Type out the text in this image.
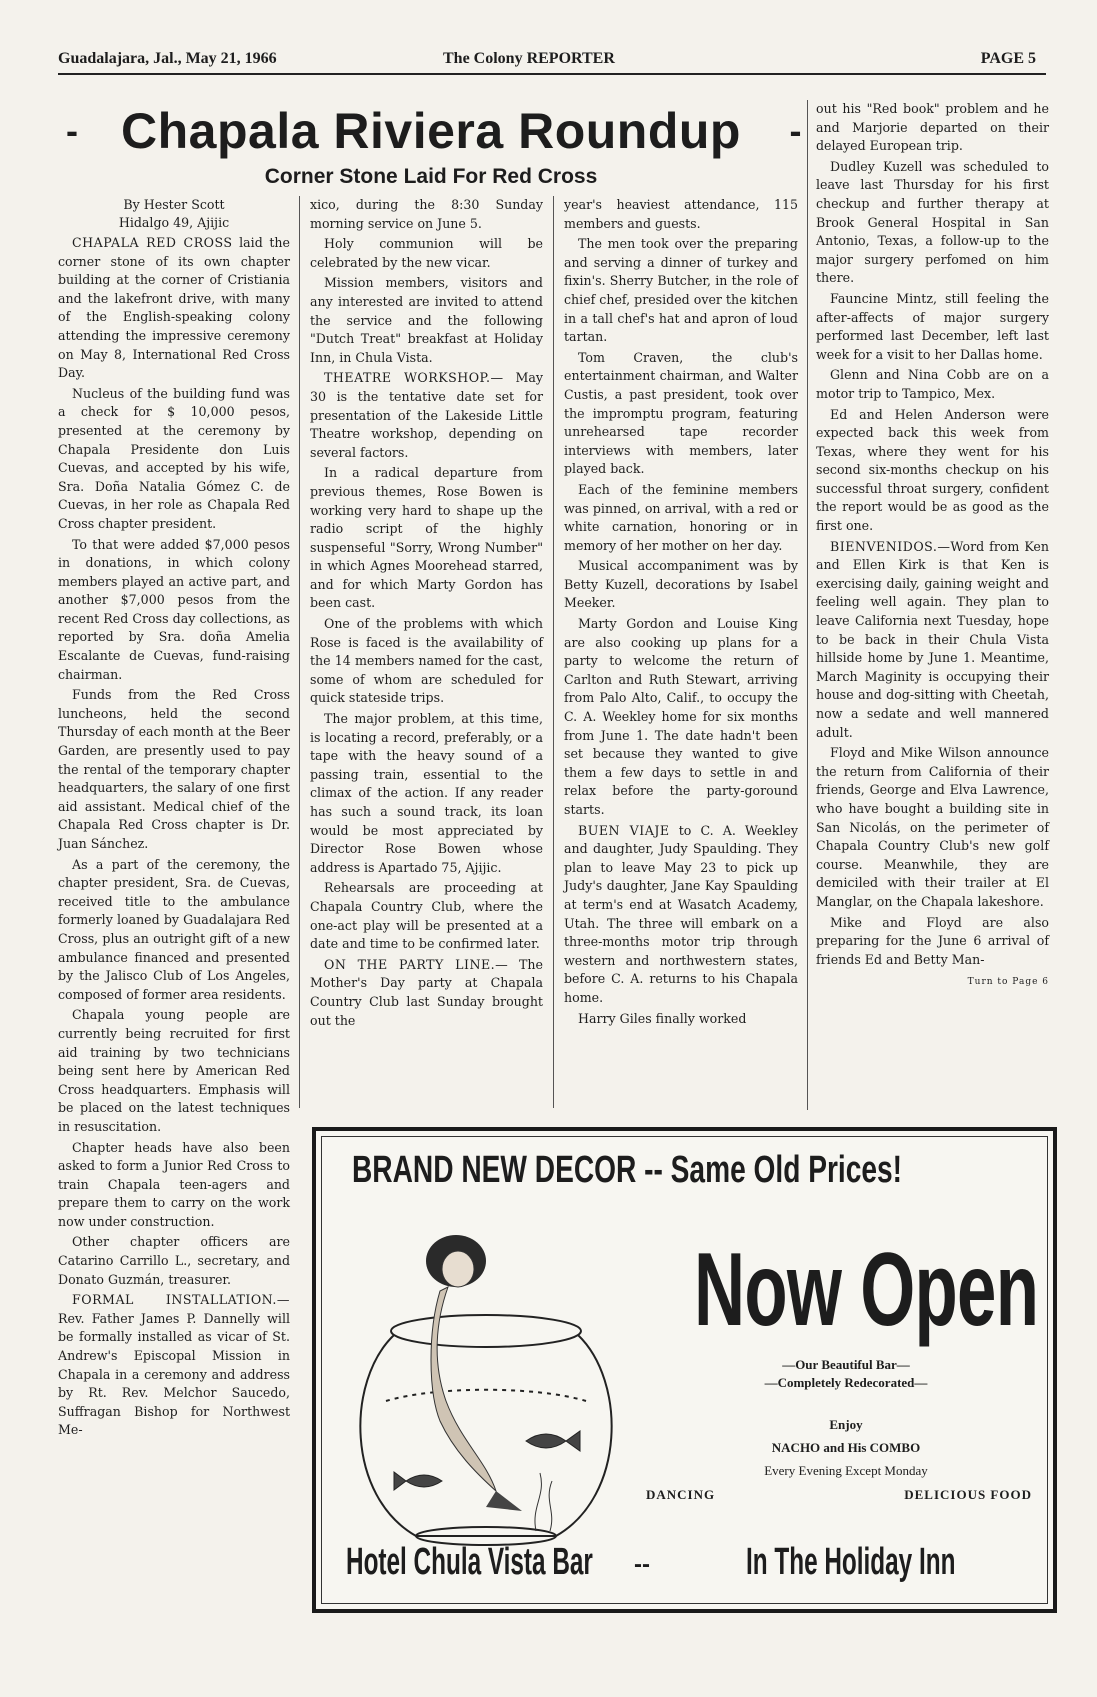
Guadalajara, Jal., May 21, 1966	The Colony REPORTER	PAGE 5
- Chapala Riviera Roundup -
Corner Stone Laid For Red Cross

By Hester Scott
Hidalgo 49, Ajijic

CHAPALA RED CROSS laid the corner stone of its own chapter building at the corner of Cristiania and the lakefront drive, with many of the English-speaking colony attending the impressive ceremony on May 8, International Red Cross Day.

Nucleus of the building fund was a check for $ 10,000 pesos, presented at the ceremony by Chapala Presidente don Luis Cuevas, and accepted by his wife, Sra. Doña Natalia Gómez C. de Cuevas, in her role as Chapala Red Cross chapter president.

To that were added $7,000 pesos in donations, in which colony members played an active part, and another $7,000 pesos from the recent Red Cross day collections, as reported by Sra. doña Amelia Escalante de Cuevas, fund-raising chairman.

Funds from the Red Cross luncheons, held the second Thursday of each month at the Beer Garden, are presently used to pay the rental of the temporary chapter headquarters, the salary of one first aid assistant. Medical chief of the Chapala Red Cross chapter is Dr. Juan Sánchez.

As a part of the ceremony, the chapter president, Sra. de Cuevas, received title to the ambulance formerly loaned by Guadalajara Red Cross, plus an outright gift of a new ambulance financed and presented by the Jalisco Club of Los Angeles, composed of former area residents.

Chapala young people are currently being recruited for first aid training by two technicians being sent here by American Red Cross headquarters. Emphasis will be placed on the latest techniques in resuscitation.

Chapter heads have also been asked to form a Junior Red Cross to train Chapala teen-agers and prepare them to carry on the work now under construction.

Other chapter officers are Catarino Carrillo L., secretary, and Donato Guzmán, treasurer.

FORMAL INSTALLATION.— Rev. Father James P. Dannelly will be formally installed as vicar of St. Andrew's Episcopal Mission in Chapala in a ceremony and address by Rt. Rev. Melchor Saucedo, Suffragan Bishop for Northwest Me-

xico, during the 8:30 Sunday morning service on June 5.

Holy communion will be celebrated by the new vicar.

Mission members, visitors and any interested are invited to attend the service and the following "Dutch Treat" breakfast at Holiday Inn, in Chula Vista.

THEATRE WORKSHOP.— May 30 is the tentative date set for presentation of the Lakeside Little Theatre workshop, depending on several factors.

In a radical departure from previous themes, Rose Bowen is working very hard to shape up the radio script of the highly suspenseful "Sorry, Wrong Number" in which Agnes Moorehead starred, and for which Marty Gordon has been cast.

One of the problems with which Rose is faced is the availability of the 14 members named for the cast, some of whom are scheduled for quick stateside trips.

The major problem, at this time, is locating a record, preferably, or a tape with the heavy sound of a passing train, essential to the climax of the action. If any reader has such a sound track, its loan would be most appreciated by Director Rose Bowen whose address is Apartado 75, Ajijic.

Rehearsals are proceeding at Chapala Country Club, where the one-act play will be presented at a date and time to be confirmed later.

ON THE PARTY LINE.— The Mother's Day party at Chapala Country Club last Sunday brought out the

year's heaviest attendance, 115 members and guests.

The men took over the preparing and serving a dinner of turkey and fixin's. Sherry Butcher, in the role of chief chef, presided over the kitchen in a tall chef's hat and apron of loud tartan.

Tom Craven, the club's entertainment chairman, and Walter Custis, a past president, took over the impromptu program, featuring unrehearsed tape recorder interviews with members, later played back.

Each of the feminine members was pinned, on arrival, with a red or white carnation, honoring or in memory of her mother on her day.

Musical accompaniment was by Betty Kuzell, decorations by Isabel Meeker.

Marty Gordon and Louise King are also cooking up plans for a party to welcome the return of Carlton and Ruth Stewart, arriving from Palo Alto, Calif., to occupy the C. A. Weekley home for six months from June 1. The date hadn't been set because they wanted to give them a few days to settle in and relax before the party-goround starts.

BUEN VIAJE to C. A. Weekley and daughter, Judy Spaulding. They plan to leave May 23 to pick up Judy's daughter, Jane Kay Spaulding at term's end at Wasatch Academy, Utah. The three will embark on a three-months motor trip through western and northwestern states, before C. A. returns to his Chapala home.

Harry Giles finally worked

out his "Red book" problem and he and Marjorie departed on their delayed European trip.

Dudley Kuzell was scheduled to leave last Thursday for his first checkup and further therapy at Brook General Hospital in San Antonio, Texas, a follow-up to the major surgery perfomed on him there.

Fauncine Mintz, still feeling the after-affects of major surgery performed last December, left last week for a visit to her Dallas home.

Glenn and Nina Cobb are on a motor trip to Tampico, Mex.

Ed and Helen Anderson were expected back this week from Texas, where they went for his second six-months checkup on his successful throat surgery, confident the report would be as good as the first one.

BIENVENIDOS.—Word from Ken and Ellen Kirk is that Ken is exercising daily, gaining weight and feeling well again. They plan to leave California next Tuesday, hope to be back in their Chula Vista hillside home by June 1. Meantime, March Maginity is occupying their house and dog-sitting with Cheetah, now a sedate and well mannered adult.

Floyd and Mike Wilson announce the return from California of their friends, George and Elva Lawrence, who have bought a building site in San Nicolás, on the perimeter of Chapala Country Club's new golf course. Meanwhile, they are demiciled with their trailer at El Manglar, on the Chapala lakeshore.

Mike and Floyd are also preparing for the June 6 arrival of friends Ed and Betty Man-

Turn to Page 6

BRAND NEW DECOR -- Same Old Prices!
Now Open
—Our Beautiful Bar—
—Completely Redecorated—
Enjoy
NACHO and His COMBO
Every Evening Except Monday
DANCING	DELICIOUS FOOD
Hotel Chula Vista Bar --	In The Holiday Inn
